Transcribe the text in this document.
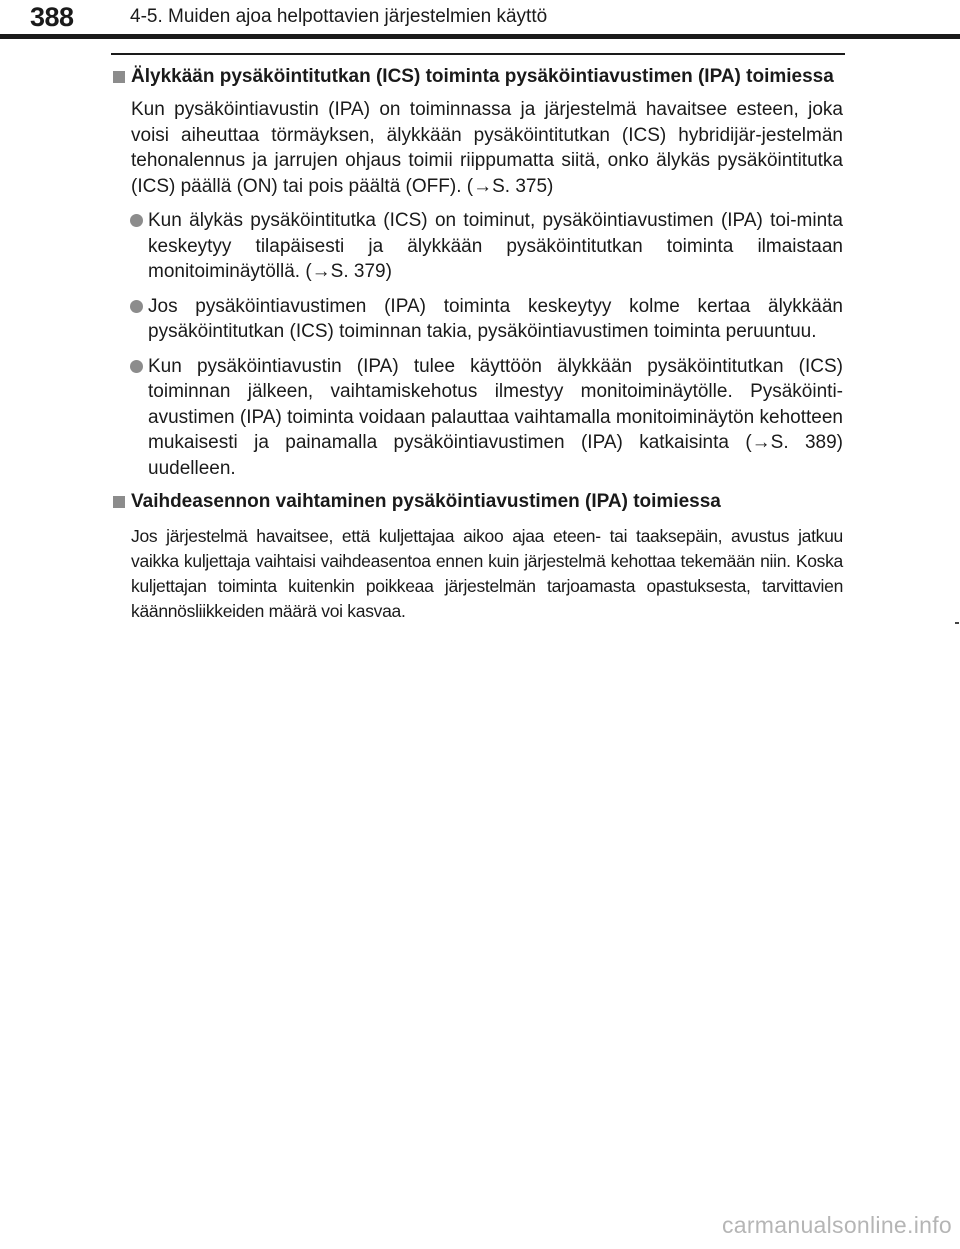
388	4-5. Muiden ajoa helpottavien järjestelmien käyttö
Älykkään pysäköintitutkan (ICS) toiminta pysäköintiavustimen (IPA) toimiessa
Kun pysäköintiavustin (IPA) on toiminnassa ja järjestelmä havaitsee esteen, joka voisi aiheuttaa törmäyksen, älykkään pysäköintitutkan (ICS) hybridijär-jestelmän tehonalennus ja jarrujen ohjaus toimii riippumatta siitä, onko älykäs pysäköintitutka (ICS) päällä (ON) tai pois päältä (OFF). (→S. 375)
Kun älykäs pysäköintitutka (ICS) on toiminut, pysäköintiavustimen (IPA) toi-minta keskeytyy tilapäisesti ja älykkään pysäköintitutkan toiminta ilmaistaan monitoiminäytöllä. (→S. 379)
Jos pysäköintiavustimen (IPA) toiminta keskeytyy kolme kertaa älykkään pysäköintitutkan (ICS) toiminnan takia, pysäköintiavustimen toiminta peruuntuu.
Kun pysäköintiavustin (IPA) tulee käyttöön älykkään pysäköintitutkan (ICS) toiminnan jälkeen, vaihtamiskehotus ilmestyy monitoiminäytölle. Pysäköinti-avustimen (IPA) toiminta voidaan palauttaa vaihtamalla monitoiminäytön kehotteen mukaisesti ja painamalla pysäköintiavustimen (IPA) katkaisinta (→S. 389) uudelleen.
Vaihdeasennon vaihtaminen pysäköintiavustimen (IPA) toimiessa
Jos järjestelmä havaitsee, että kuljettajaa aikoo ajaa eteen- tai taaksepäin, avustus jatkuu vaikka kuljettaja vaihtaisi vaihdeasentoa ennen kuin järjestelmä kehottaa tekemään niin. Koska kuljettajan toiminta kuitenkin poikkeaa järjestelmän tarjoamasta opastuksesta, tarvittavien käännösliikkeiden määrä voi kasvaa.
carmanualsonline.info
